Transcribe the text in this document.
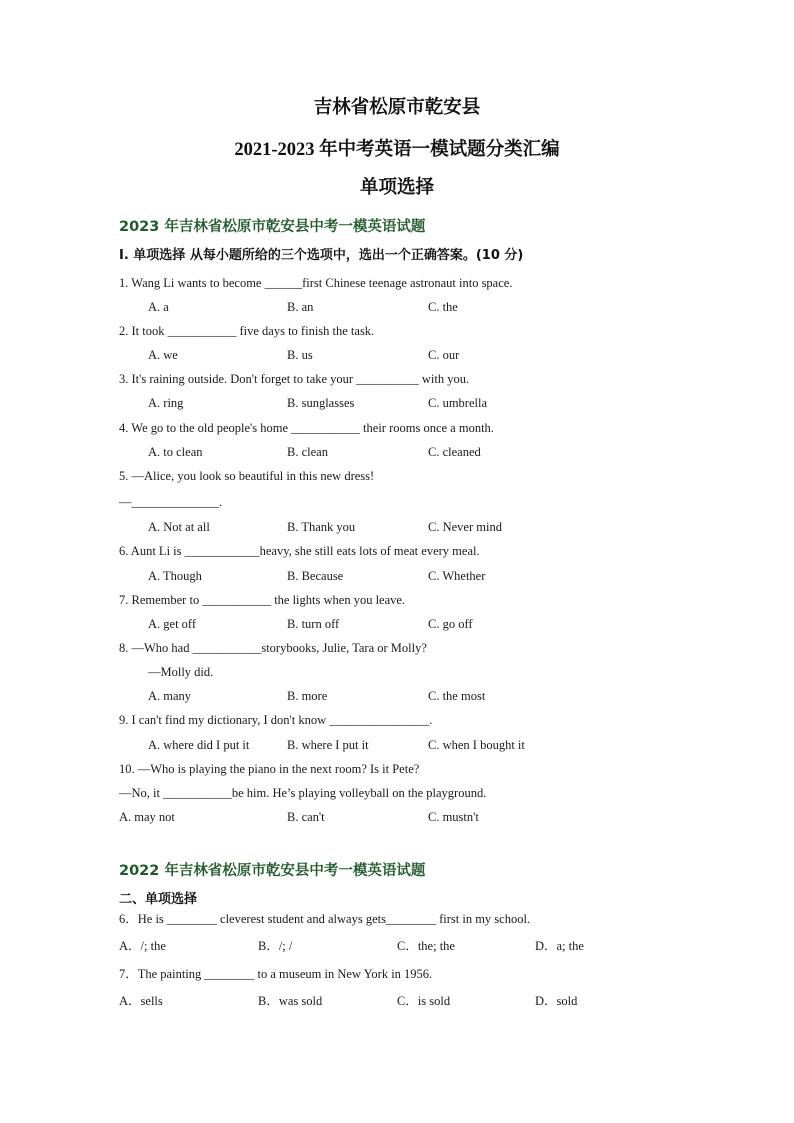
吉林省松原市乾安县
2021-2023 年中考英语一模试题分类汇编
单项选择
2023 年吉林省松原市乾安县中考一模英语试题
I. 单项选择 从每小题所给的三个选项中，选出一个正确答案。(10 分)
1. Wang Li wants to become ______first Chinese teenage astronaut into space.
A. a	B. an	C. the
2. It took ___________ five days to finish the task.
A. we	B. us	C. our
3. It's raining outside. Don't forget to take your __________ with you.
A. ring	B. sunglasses	C. umbrella
4. We go to the old people's home ___________ their rooms once a month.
A. to clean	B. clean	C. cleaned
5. —Alice, you look so beautiful in this new dress!
—______________.
A. Not at all	B. Thank you	C. Never mind
6. Aunt Li is ____________heavy, she still eats lots of meat every meal.
A. Though	B. Because	C. Whether
7. Remember to ___________ the lights when you leave.
A. get off	B. turn off	C. go off
8. —Who had ___________storybooks, Julie, Tara or Molly?
—Molly did.
A. many	B. more	C. the most
9. I can't find my dictionary, I don't know ________________.
A. where did I put it	B. where I put it	C. when I bought it
10. —Who is playing the piano in the next room? Is it Pete?
—No, it ___________be him. He’s playing volleyball on the playground.
A. may not	B. can't	C. mustn't
2022 年吉林省松原市乾安县中考一模英语试题
二、单项选择
6．He is ________ cleverest student and always gets________ first in my school.
A．/; the	B．/; /	C．the; the	D．a; the
7．The painting ________ to a museum in New York in 1956.
A．sells	B．was sold	C．is sold	D．sold
